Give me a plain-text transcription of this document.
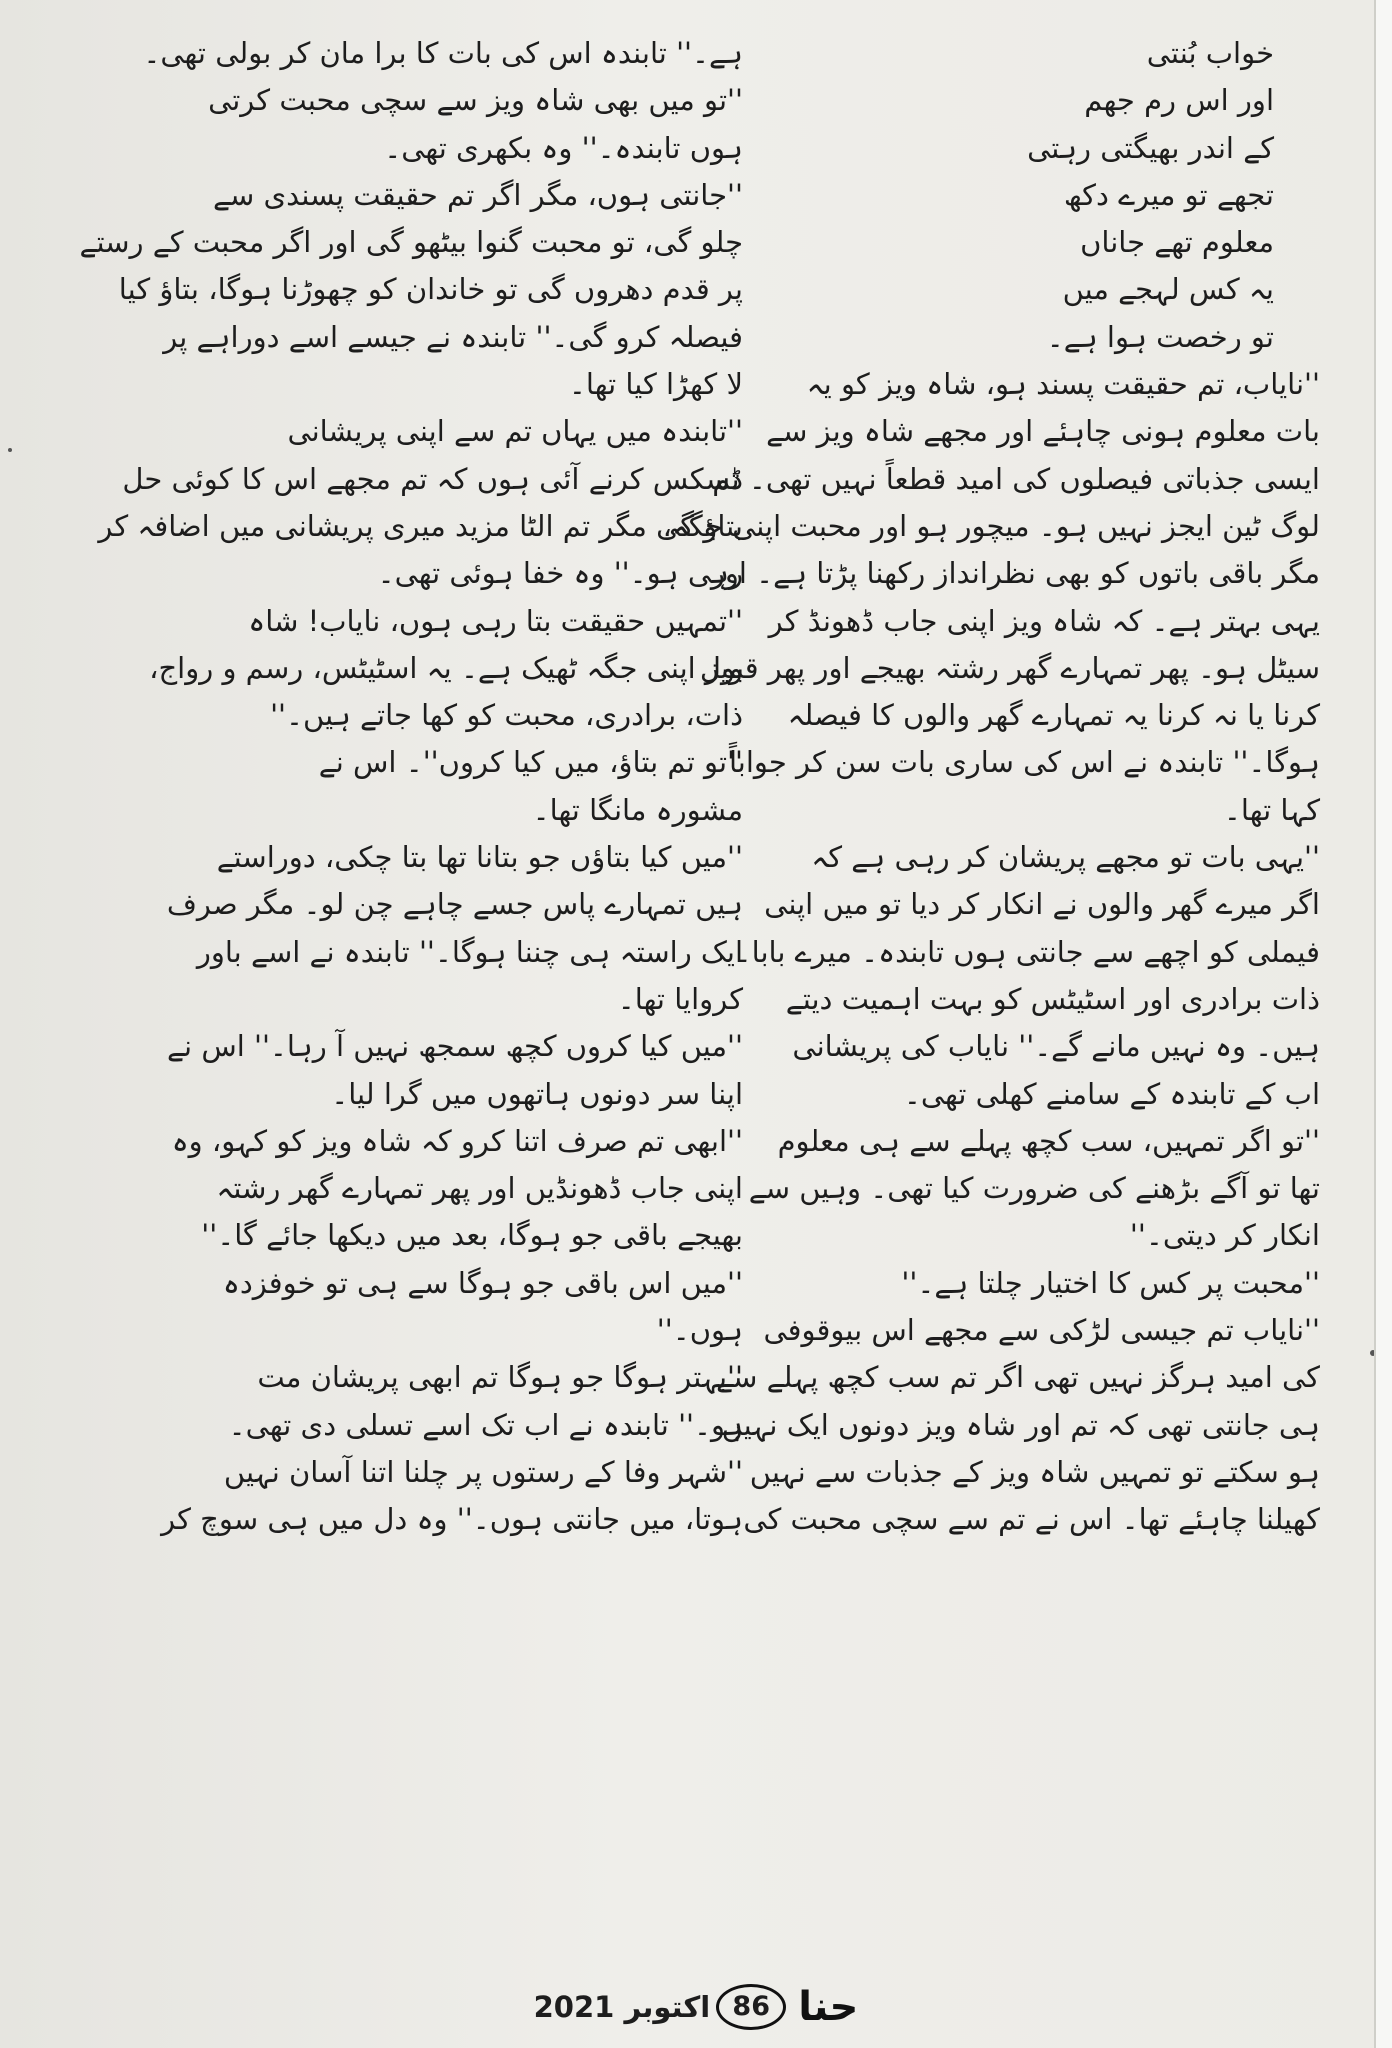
خواب بُنتی
اور اس رم جھم
کے اندر بھیگتی رہتی
تجھے تو میرے دکھ
معلوم تھے جاناں
یہ کس لہجے میں
تو رخصت ہوا ہے۔
''نایاب، تم حقیقت پسند ہو، شاہ ویز کو یہ
بات معلوم ہونی چاہئے اور مجھے شاہ ویز سے
ایسی جذباتی فیصلوں کی امید قطعاً نہیں تھی۔ تم
لوگ ٹین ایجز نہیں ہو۔ میچور ہو اور محبت اپنی جگہ،
مگر باقی باتوں کو بھی نظرانداز رکھنا پڑتا ہے۔ اور
یہی بہتر ہے۔ کہ شاہ ویز اپنی جاب ڈھونڈ کر
سیٹل ہو۔ پھر تمہارے گھر رشتہ بھیجے اور پھر قبول
کرنا یا نہ کرنا یہ تمہارے گھر والوں کا فیصلہ
ہوگا۔'' تابندہ نے اس کی ساری بات سن کر جواباً
کہا تھا۔
''یہی بات تو مجھے پریشان کر رہی ہے کہ
اگر میرے گھر والوں نے انکار کر دیا تو میں اپنی
فیملی کو اچھے سے جانتی ہوں تابندہ۔ میرے بابا۔
ذات برادری اور اسٹیٹس کو بہت اہمیت دیتے
ہیں۔ وہ نہیں مانے گے۔'' نایاب کی پریشانی
اب کے تابندہ کے سامنے کھلی تھی۔
''تو اگر تمہیں، سب کچھ پہلے سے ہی معلوم
تھا تو آگے بڑھنے کی ضرورت کیا تھی۔ وہیں سے
انکار کر دیتی۔''
''محبت پر کس کا اختیار چلتا ہے۔''
''نایاب تم جیسی لڑکی سے مجھے اس بیوقوفی
کی امید ہرگز نہیں تھی اگر تم سب کچھ پہلے سے
ہی جانتی تھی کہ تم اور شاہ ویز دونوں ایک نہیں
ہو سکتے تو تمہیں شاہ ویز کے جذبات سے نہیں
کھیلنا چاہئے تھا۔ اس نے تم سے سچی محبت کی
ہے۔'' تابندہ اس کی بات کا برا مان کر بولی تھی۔
''تو میں بھی شاہ ویز سے سچی محبت کرتی
ہوں تابندہ۔'' وہ بکھری تھی۔
''جانتی ہوں، مگر اگر تم حقیقت پسندی سے
چلو گی، تو محبت گنوا بیٹھو گی اور اگر محبت کے رستے
پر قدم دھروں گی تو خاندان کو چھوڑنا ہوگا، بتاؤ کیا
فیصلہ کرو گی۔'' تابندہ نے جیسے اسے دوراہے پر
لا کھڑا کیا تھا۔
''تابندہ میں یہاں تم سے اپنی پریشانی
ڈسکس کرنے آئی ہوں کہ تم مجھے اس کا کوئی حل
بتاؤ گی مگر تم الٹا مزید میری پریشانی میں اضافہ کر
رہی ہو۔'' وہ خفا ہوئی تھی۔
''تمہیں حقیقت بتا رہی ہوں، نایاب! شاہ
ویز اپنی جگہ ٹھیک ہے۔ یہ اسٹیٹس، رسم و رواج،
ذات، برادری، محبت کو کھا جاتے ہیں۔''
''تو تم بتاؤ، میں کیا کروں''۔ اس نے
مشورہ مانگا تھا۔
''میں کیا بتاؤں جو بتانا تھا بتا چکی، دوراستے
ہیں تمہارے پاس جسے چاہے چن لو۔ مگر صرف
ایک راستہ ہی چننا ہوگا۔'' تابندہ نے اسے باور
کروایا تھا۔
''میں کیا کروں کچھ سمجھ نہیں آ رہا۔'' اس نے
اپنا سر دونوں ہاتھوں میں گرا لیا۔
''ابھی تم صرف اتنا کرو کہ شاہ ویز کو کہو، وہ
اپنی جاب ڈھونڈیں اور پھر تمہارے گھر رشتہ
بھیجے باقی جو ہوگا، بعد میں دیکھا جائے گا۔''
''میں اس باقی جو ہوگا سے ہی تو خوفزدہ
ہوں۔''
''بہتر ہوگا جو ہوگا تم ابھی پریشان مت
ہو۔'' تابندہ نے اب تک اسے تسلی دی تھی۔
''شہر وفا کے رستوں پر چلنا اتنا آسان نہیں
ہوتا، میں جانتی ہوں۔'' وہ دل میں ہی سوچ کر
حنا
86
اکتوبر 2021
